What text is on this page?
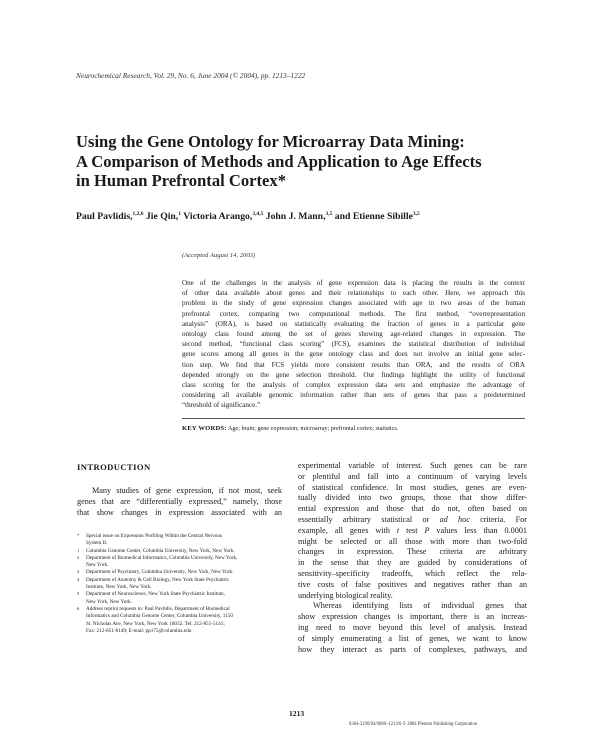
Neurochemical Research, Vol. 29, No. 6, June 2004 (© 2004), pp. 1213–1222
Using the Gene Ontology for Microarray Data Mining:
A Comparison of Methods and Application to Age Effects
in Human Prefrontal Cortex*
Paul Pavlidis,$^{1,2,6}$ Jie Qin,$^1$ Victoria Arango,$^{3,4,5}$ John J. Mann,$^{3,5}$ and Etienne Sibille$^{3,5}$
(Accepted August 14, 2003)
One of the challenges in the analysis of gene expression data is placing the results in the context
of other data available about genes and their relationships to each other. Here, we approach this
problem in the study of gene expression changes associated with age in two areas of the human
prefrontal cortex, comparing two computational methods. The first method, “overrepresentation
analysis” (ORA), is based on statistically evaluating the fraction of genes in a particular gene
ontology class found among the set of genes showing age-related changes in expression. The
second method, “functional class scoring” (FCS), examines the statistical distribution of individual
gene scores among all genes in the gene ontology class and does not involve an initial gene selec-
tion step. We find that FCS yields more consistent results than ORA, and the results of ORA
depended strongly on the gene selection threshold. Our findings highlight the utility of functional
class scoring for the analysis of complex expression data sets and emphasize the advantage of
considering all available genomic information rather than sets of genes that pass a predetermined
“threshold of significance.”
KEY WORDS: Age; brain; gene expression; microarray; prefrontal cortex; statistics.
INTRODUCTION
Many studies of gene expression, if not most, seek
genes that are “differentially expressed,” namely, those
that show changes in expression associated with an
* Special issue on Expression Profiling Within the Central Nervous
System II.
1 Columbia Genome Center, Columbia University, New York, New York.
2 Department of Biomedical Informatics, Columbia University, New York,
New York.
3 Department of Psychiatry, Columbia University, New York, New York.
4 Department of Anatomy & Cell Biology, New York State Psychiatric
Institute, New York, New York.
5 Department of Neuroscience, New York State Psychiatric Institute,
New York, New York.
6 Address reprint requests to: Paul Pavlidis, Department of Biomedical
Informatics and Columbia Genome Center, Columbia University, 1150
St. Nicholas Ave, New York, New York 10032. Tel: 212-851-5141;
Fax: 212-851-8149; E-mail: pp175@columbia.edu
experimental variable of interest. Such genes can be rare
or plentiful and fall into a continuum of varying levels
of statistical confidence. In most studies, genes are even-
tually divided into two groups, those that show differ-
ential expression and those that do not, often based on
essentially arbitrary statistical or ad hoc criteria. For
example, all genes with t test P values less than 0.0001
might be selected or all those with more than two-fold
changes in expression. These criteria are arbitrary
in the sense that they are guided by considerations of
sensitivity–specificity tradeoffs, which reflect the rela-
tive costs of false positives and negatives rather than an
underlying biological reality.
Whereas identifying lists of individual genes that
show expression changes is important, there is an increas-
ing need to move beyond this level of analysis. Instead
of simply enumerating a list of genes, we want to know
how they interact as parts of complexes, pathways, and
1213
0364-3190/04/0600–1213/0 © 2004 Plenum Publishing Corporation
